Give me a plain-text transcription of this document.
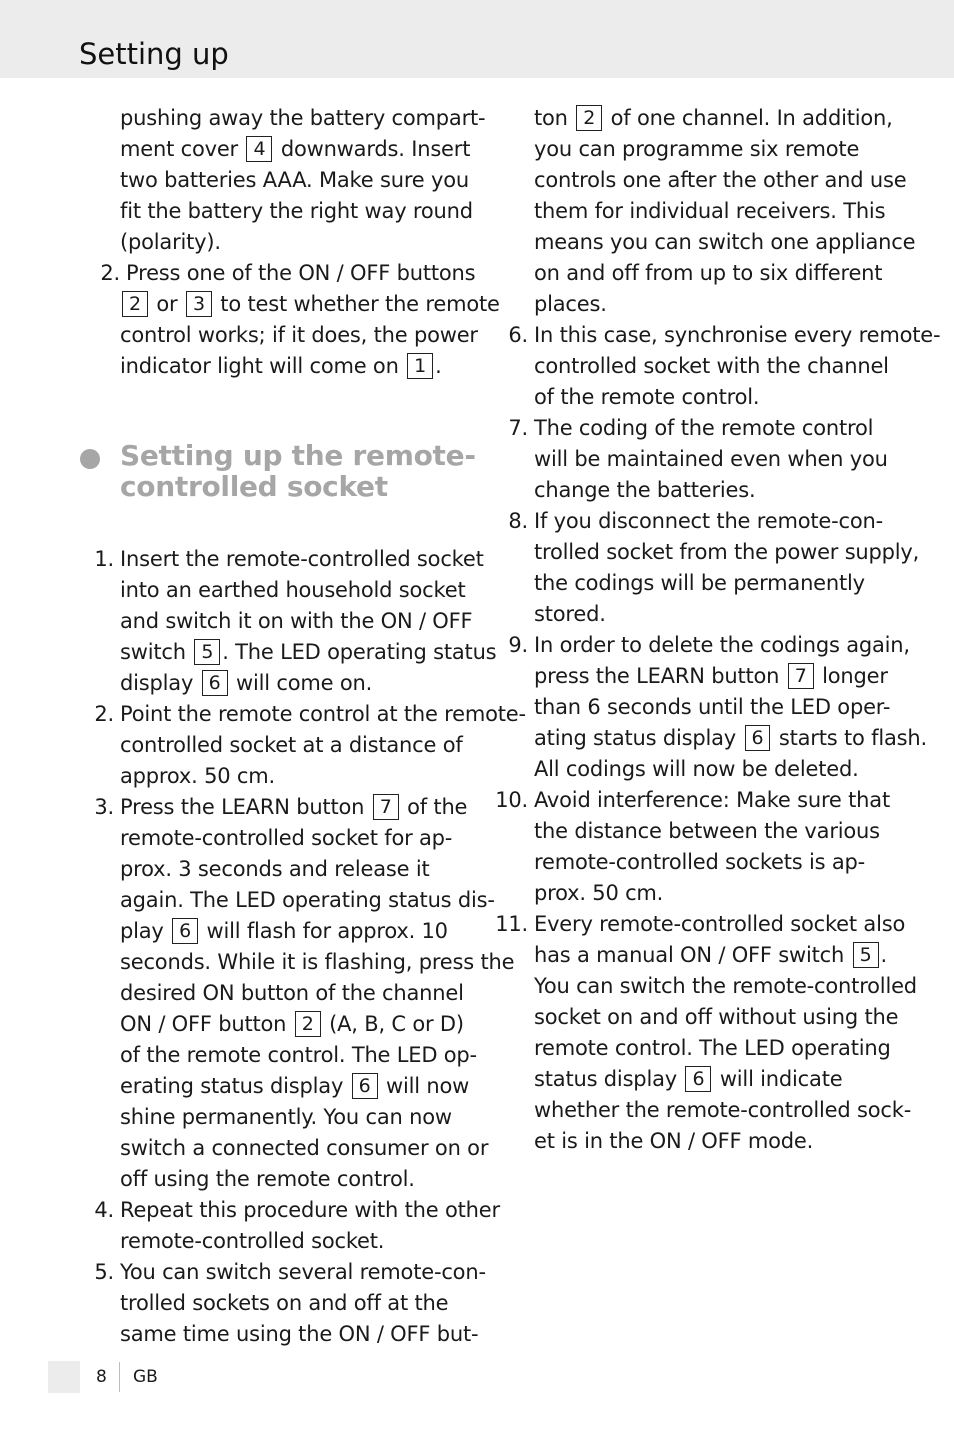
Setting up
pushing away the battery compart-
ment cover 4 downwards. Insert
two batteries AAA. Make sure you
fit the battery the right way round
(polarity).
2. Press one of the ON / OFF buttons
2 or 3 to test whether the remote
control works; if it does, the power
indicator light will come on 1 .
Setting up the remote-
controlled socket
1. Insert the remote-controlled socket
into an earthed household socket
and switch it on with the ON / OFF
switch 5 . The LED operating status
display 6 will come on.
2. Point the remote control at the remote-
controlled socket at a distance of
approx. 50 cm.
3. Press the LEARN button 7 of the
remote-controlled socket for ap-
prox. 3 seconds and release it
again. The LED operating status dis-
play 6 will flash for approx. 10
seconds. While it is flashing, press the
desired ON button of the channel
ON / OFF button 2 (A, B, C or D)
of the remote control. The LED op-
erating status display 6 will now
shine permanently. You can now
switch a connected consumer on or
off using the remote control.
4. Repeat this procedure with the other
remote-controlled socket.
5. You can switch several remote-con-
trolled sockets on and off at the
same time using the ON / OFF but-
ton 2 of one channel. In addition,
you can programme six remote
controls one after the other and use
them for individual receivers. This
means you can switch one appliance
on and off from up to six different
places.
6. In this case, synchronise every remote-
controlled socket with the channel
of the remote control.
7. The coding of the remote control
will be maintained even when you
change the batteries.
8. If you disconnect the remote-con-
trolled socket from the power supply,
the codings will be permanently
stored.
9. In order to delete the codings again,
press the LEARN button 7 longer
than 6 seconds until the LED oper-
ating status display 6 starts to flash.
All codings will now be deleted.
10. Avoid interference: Make sure that
the distance between the various
remote-controlled sockets is ap-
prox. 50 cm.
11. Every remote-controlled socket also
has a manual ON / OFF switch 5 .
You can switch the remote-controlled
socket on and off without using the
remote control. The LED operating
status display 6 will indicate
whether the remote-controlled sock-
et is in the ON / OFF mode.
8 GB
